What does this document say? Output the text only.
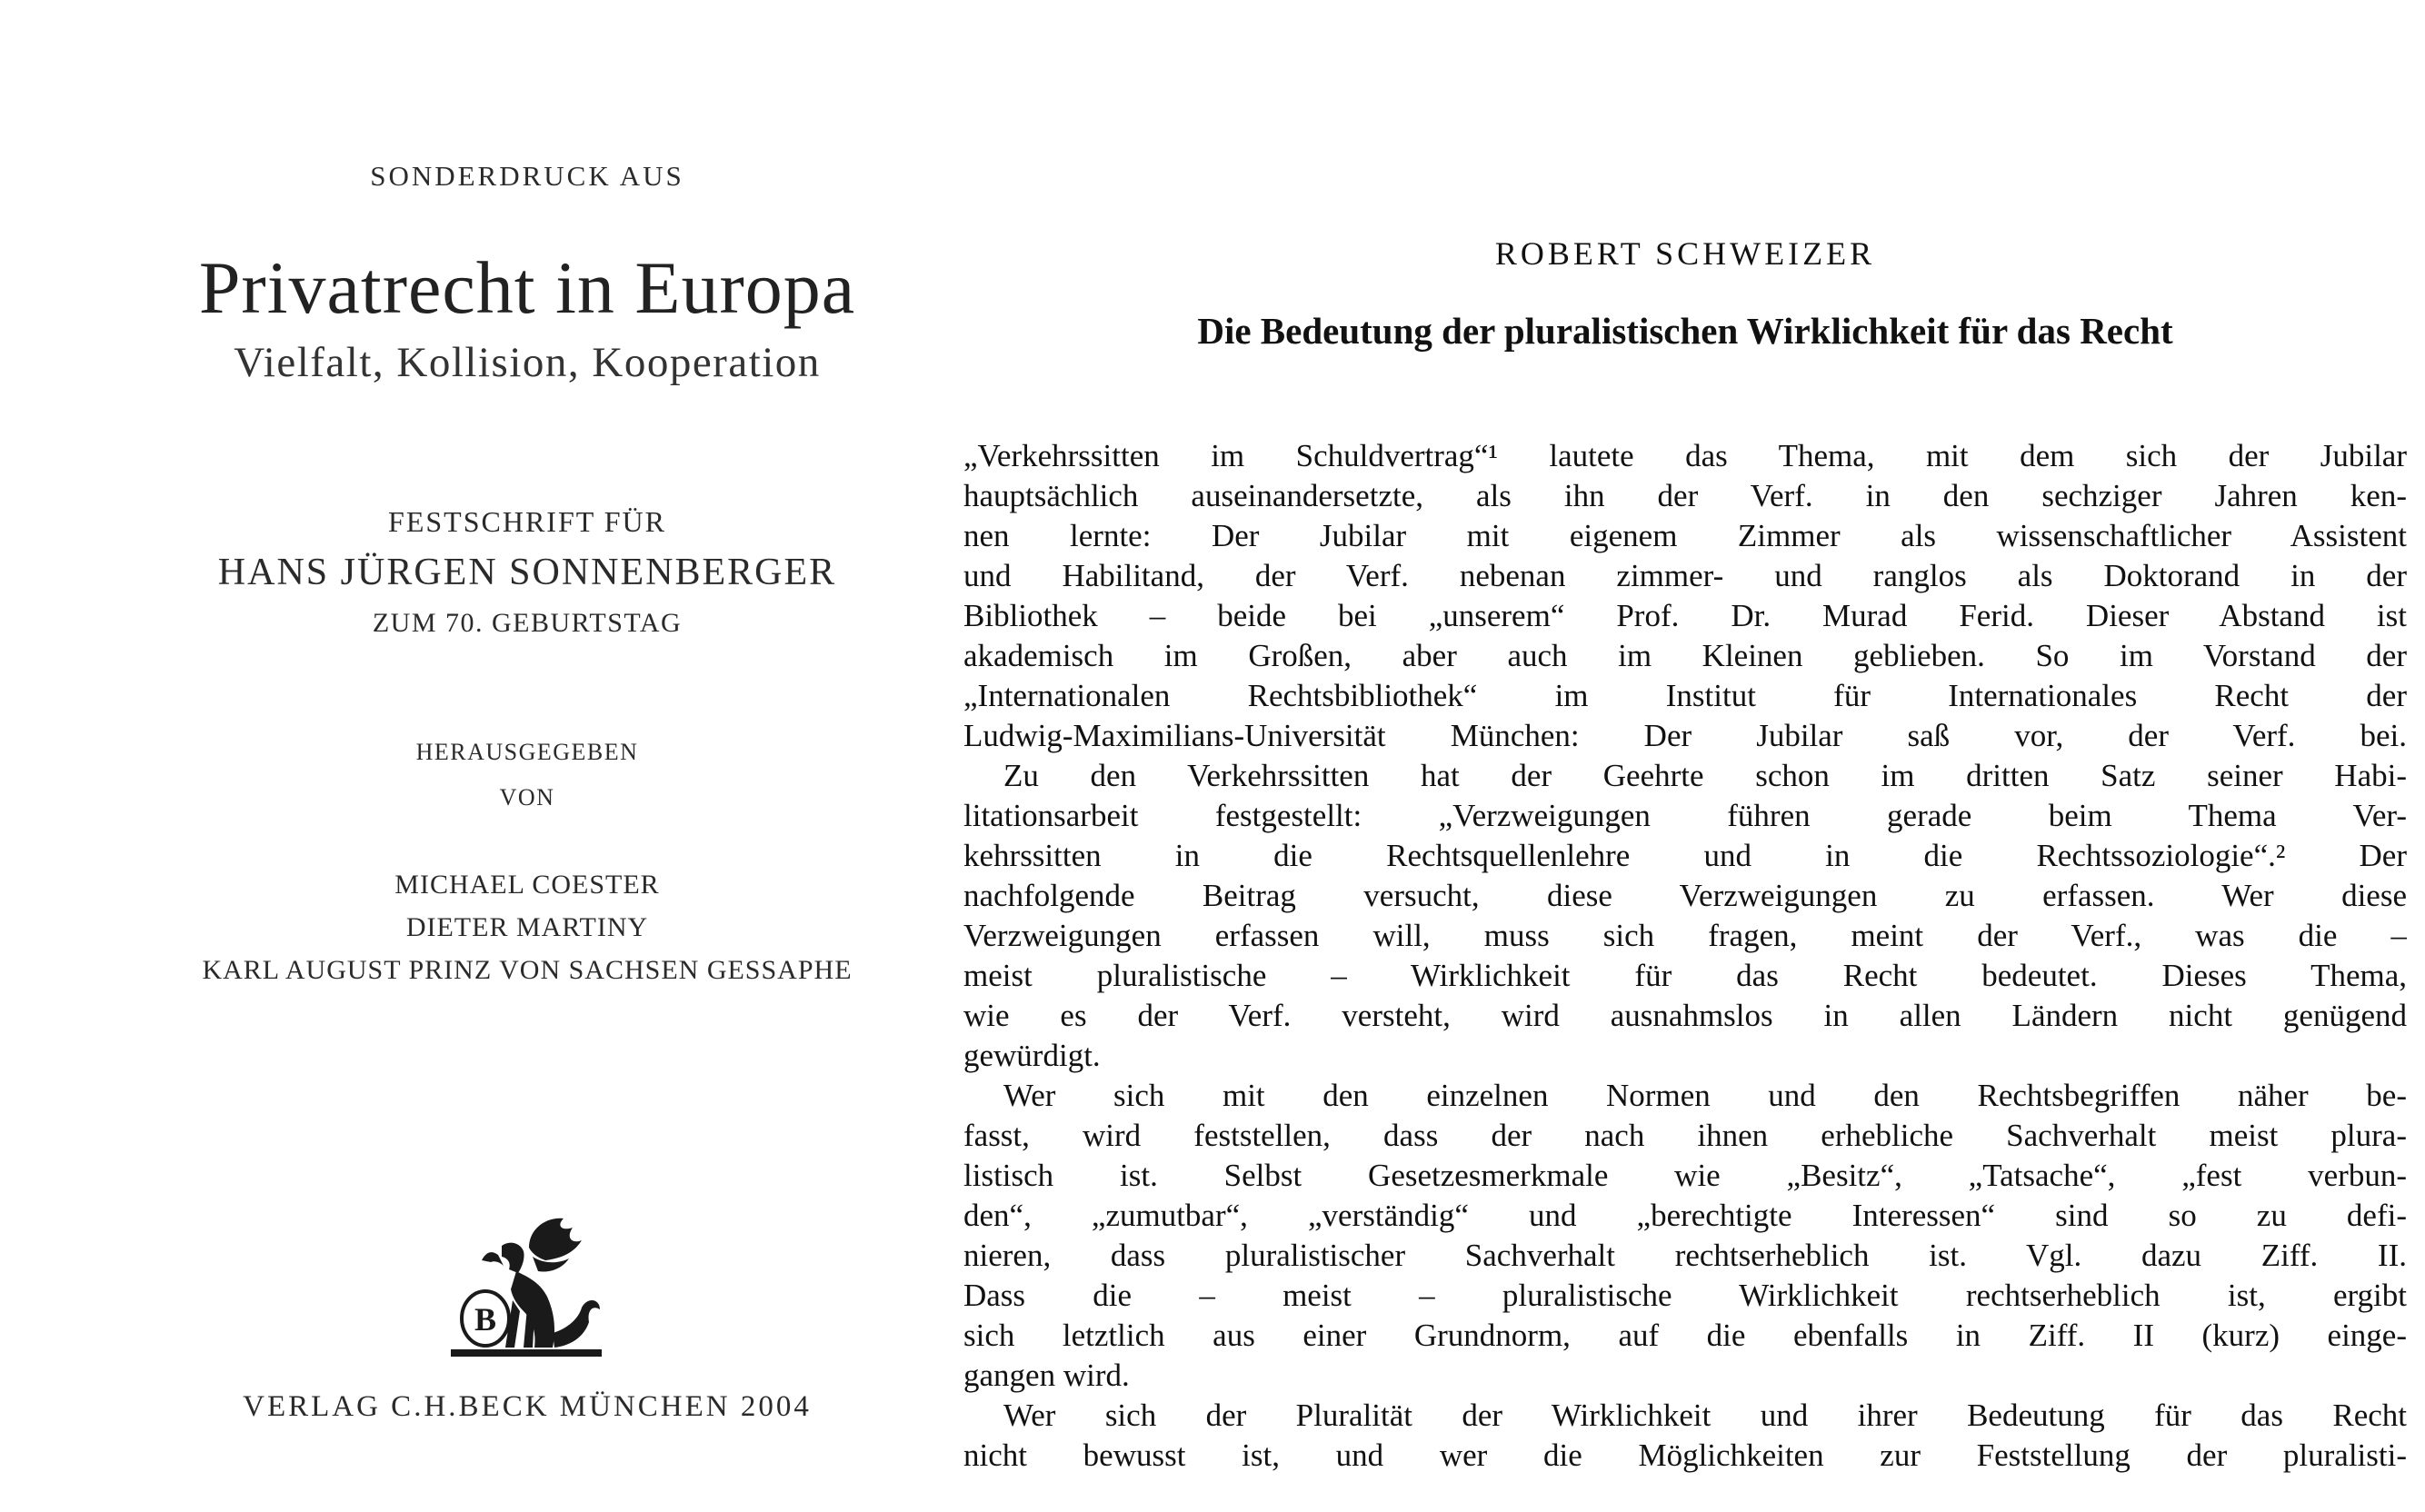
SONDERDRUCK AUS
Privatrecht in Europa
Vielfalt, Kollision, Kooperation
FESTSCHRIFT FÜR
HANS JÜRGEN SONNENBERGER
ZUM 70. GEBURTSTAG
HERAUSGEGEBEN
VON
MICHAEL COESTER
DIETER MARTINY
KARL AUGUST PRINZ VON SACHSEN GESSAPHE
B
VERLAG C.H.BECK MÜNCHEN 2004
ROBERT SCHWEIZER
Die Bedeutung der pluralistischen Wirklichkeit für das Recht
„Verkehrssitten im Schuldvertrag“¹ lautete das Thema, mit dem sich der Jubilar
hauptsächlich auseinandersetzte, als ihn der Verf. in den sechziger Jahren ken-
nen lernte: Der Jubilar mit eigenem Zimmer als wissenschaftlicher Assistent
und Habilitand, der Verf. nebenan zimmer- und ranglos als Doktorand in der
Bibliothek – beide bei „unserem“ Prof. Dr. Murad Ferid. Dieser Abstand ist
akademisch im Großen, aber auch im Kleinen geblieben. So im Vorstand der
„Internationalen Rechtsbibliothek“ im Institut für Internationales Recht der
Ludwig-Maximilians-Universität München: Der Jubilar saß vor, der Verf. bei.
Zu den Verkehrssitten hat der Geehrte schon im dritten Satz seiner Habi-
litationsarbeit festgestellt: „Verzweigungen führen gerade beim Thema Ver-
kehrssitten in die Rechtsquellenlehre und in die Rechtssoziologie“.² Der
nachfolgende Beitrag versucht, diese Verzweigungen zu erfassen. Wer diese
Verzweigungen erfassen will, muss sich fragen, meint der Verf., was die –
meist pluralistische – Wirklichkeit für das Recht bedeutet. Dieses Thema,
wie es der Verf. versteht, wird ausnahmslos in allen Ländern nicht genügend
gewürdigt.
Wer sich mit den einzelnen Normen und den Rechtsbegriffen näher be-
fasst, wird feststellen, dass der nach ihnen erhebliche Sachverhalt meist plura-
listisch ist. Selbst Gesetzesmerkmale wie „Besitz“, „Tatsache“, „fest verbun-
den“, „zumutbar“, „verständig“ und „berechtigte Interessen“ sind so zu defi-
nieren, dass pluralistischer Sachverhalt rechtserheblich ist. Vgl. dazu Ziff. II.
Dass die – meist – pluralistische Wirklichkeit rechtserheblich ist, ergibt
sich letztlich aus einer Grundnorm, auf die ebenfalls in Ziff. II (kurz) einge-
gangen wird.
Wer sich der Pluralität der Wirklichkeit und ihrer Bedeutung für das Recht
nicht bewusst ist, und wer die Möglichkeiten zur Feststellung der pluralisti-
